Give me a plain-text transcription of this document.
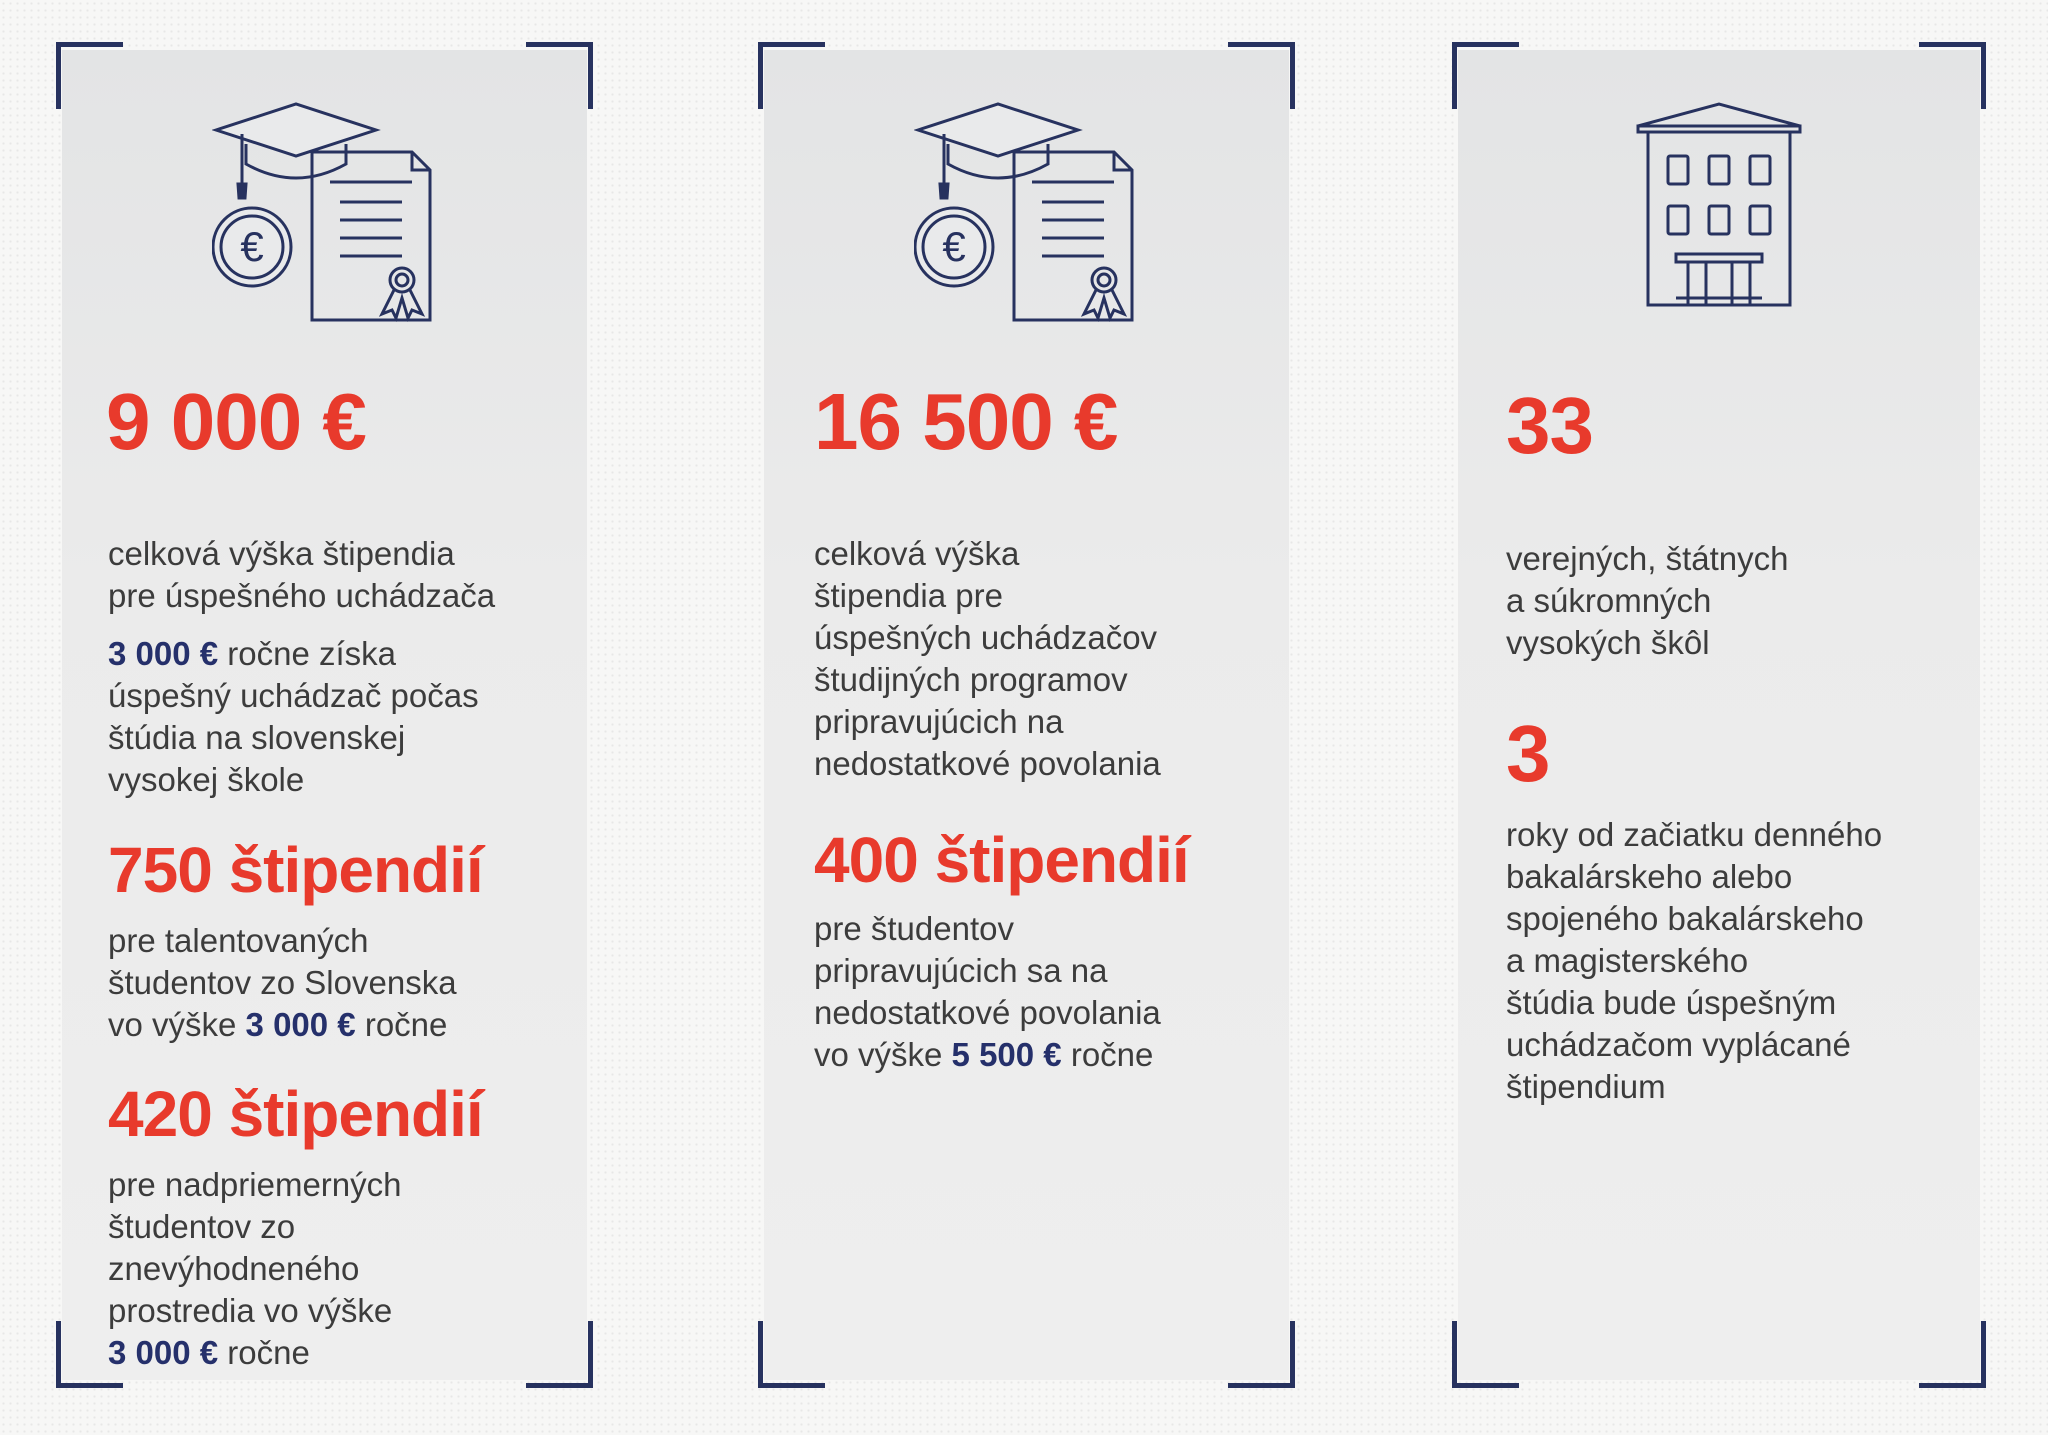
€
9 000 €
celková výška štipendia
pre úspešného uchádzača
3 000 € ročne získa
úspešný uchádzač počas
štúdia na slovenskej
vysokej škole
750 štipendií
pre talentovaných
študentov zo Slovenska
vo výške 3 000 € ročne
420 štipendií
pre nadpriemerných
študentov zo
znevýhodneného
prostredia vo výške
3 000 € ročne
€
16 500 €
celková výška
štipendia pre
úspešných uchádzačov
študijných programov
pripravujúcich na
nedostatkové povolania
400 štipendií
pre študentov
pripravujúcich sa na
nedostatkové povolania
vo výške 5 500 € ročne
33
verejných, štátnych
a súkromných
vysokých škôl
3
roky od začiatku denného
bakalárskeho alebo
spojeného bakalárskeho
a magisterského
štúdia bude úspešným
uchádzačom vyplácané
štipendium
